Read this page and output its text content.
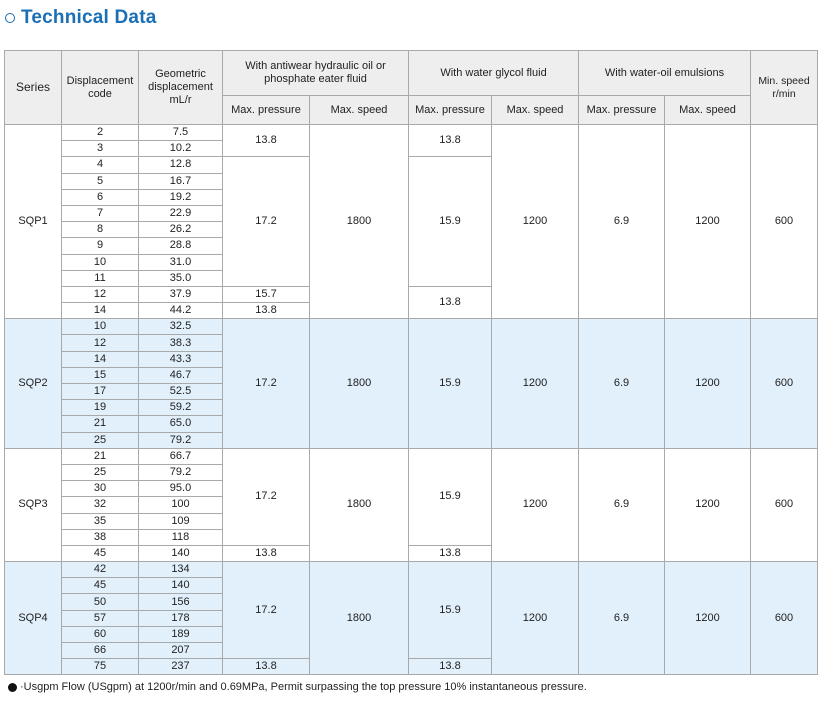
Technical Data
Series	Displacement code	Geometric displacement mL/r	With antiwear hydraulic oil or phosphate eater fluid		With water glycol fluid		With water-oil emulsions		Min. speed r/min
			Max. pressure	Max. speed	Max. pressure	Max. speed	Max. pressure	Max. speed	
SQP1	2	7.5	13.8	1800	13.8	1200	6.9	1200	600
	3	10.2							
	4	12.8	17.2		15.9				
	5	16.7							
	6	19.2							
	7	22.9							
	8	26.2							
	9	28.8							
	10	31.0							
	11	35.0							
	12	37.9	15.7		13.8				
	14	44.2	13.8						
SQP2	10	32.5	17.2	1800	15.9	1200	6.9	1200	600
	12	38.3							
	14	43.3							
	15	46.7							
	17	52.5							
	19	59.2							
	21	65.0							
	25	79.2							
SQP3	21	66.7	17.2	1800	15.9	1200	6.9	1200	600
	25	79.2							
	30	95.0							
	32	100							
	35	109							
	38	118							
	45	140	13.8		13.8				
SQP4	42	134	17.2	1800	15.9	1200	6.9	1200	600
	45	140							
	50	156							
	57	178							
	60	189							
	66	207							
	75	237	13.8		13.8				
·Usgpm Flow (USgpm) at 1200r/min and 0.69MPa, Permit surpassing the top pressure 10% instantaneous pressure.
